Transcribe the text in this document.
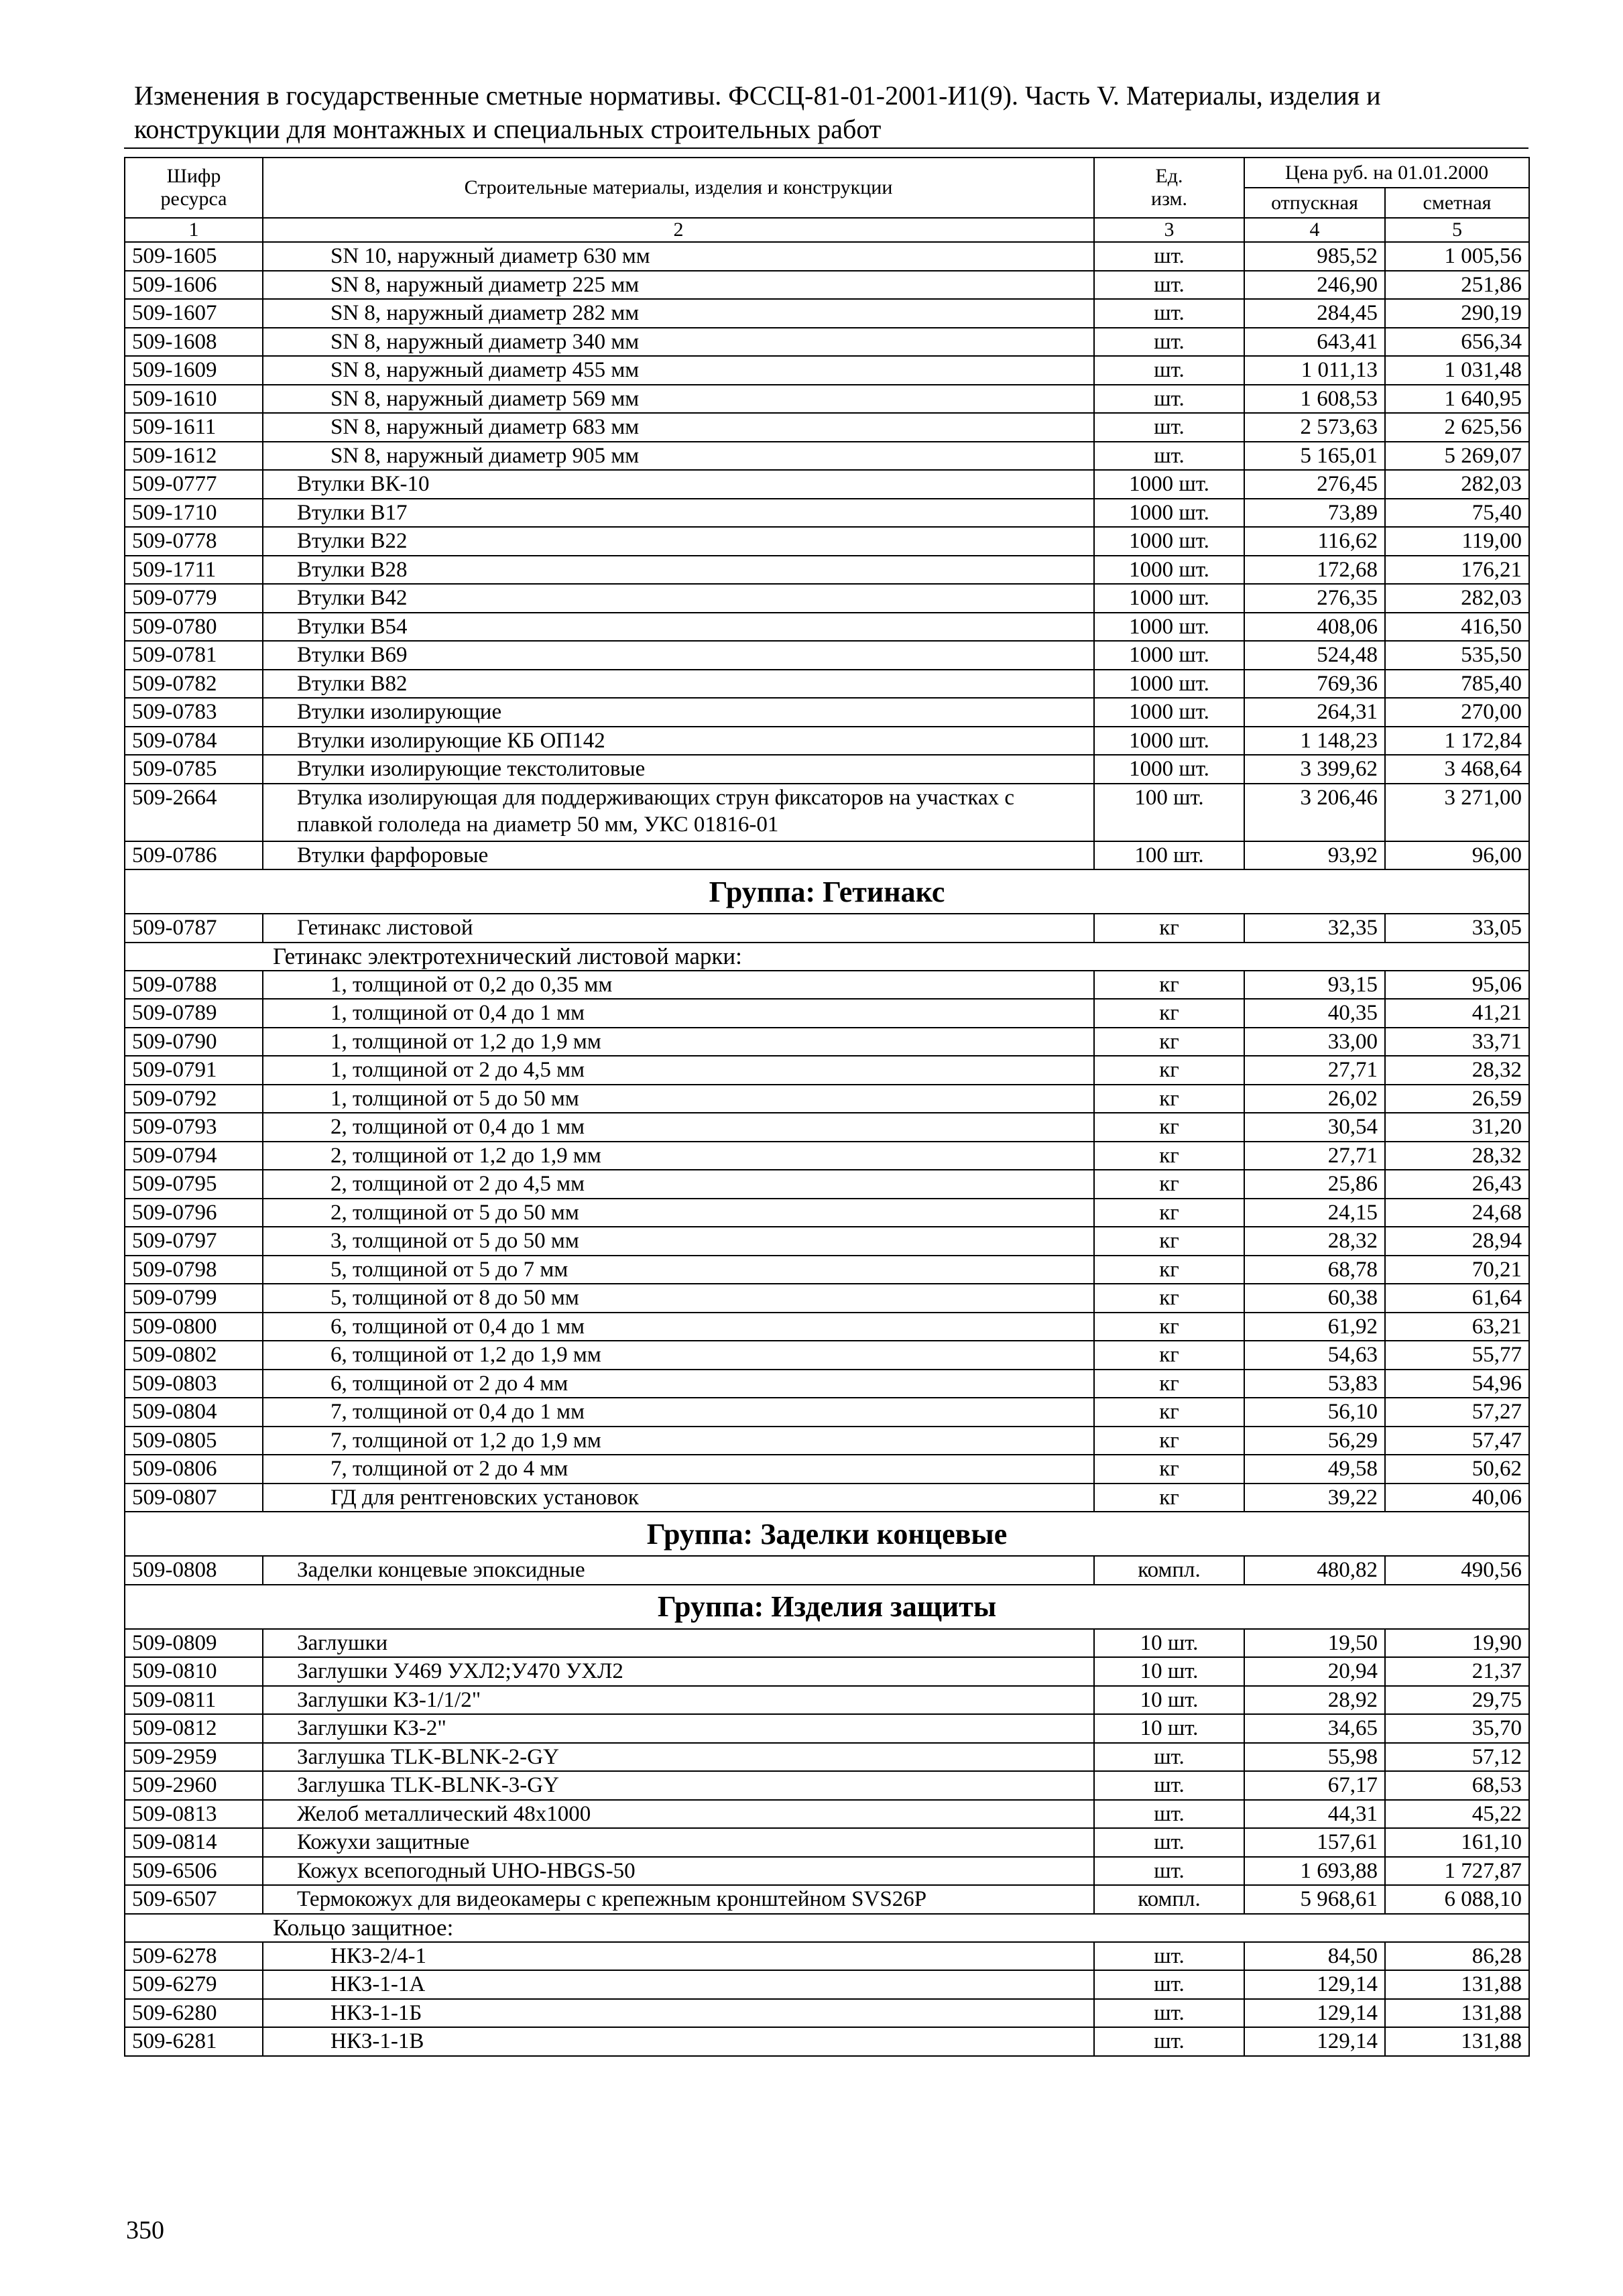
Изменения в государственные сметные нормативы. ФССЦ-81-01-2001-И1(9). Часть V. Материалы, изделия и
конструкции для монтажных и специальных строительных работ
Шифр ресурса	Строительные материалы, изделия и конструкции	Ед. изм.	Цена руб. на 01.01.2000	
			отпускная	сметная
1	2	3	4	5
509-1605	SN 10, наружный диаметр 630 мм	шт.	985,52	1 005,56
509-1606	SN 8, наружный диаметр 225 мм	шт.	246,90	251,86
509-1607	SN 8, наружный диаметр 282 мм	шт.	284,45	290,19
509-1608	SN 8, наружный диаметр 340 мм	шт.	643,41	656,34
509-1609	SN 8, наружный диаметр 455 мм	шт.	1 011,13	1 031,48
509-1610	SN 8, наружный диаметр 569 мм	шт.	1 608,53	1 640,95
509-1611	SN 8, наружный диаметр 683 мм	шт.	2 573,63	2 625,56
509-1612	SN 8, наружный диаметр 905 мм	шт.	5 165,01	5 269,07
509-0777	Втулки ВК-10	1000 шт.	276,45	282,03
509-1710	Втулки В17	1000 шт.	73,89	75,40
509-0778	Втулки В22	1000 шт.	116,62	119,00
509-1711	Втулки В28	1000 шт.	172,68	176,21
509-0779	Втулки В42	1000 шт.	276,35	282,03
509-0780	Втулки В54	1000 шт.	408,06	416,50
509-0781	Втулки В69	1000 шт.	524,48	535,50
509-0782	Втулки В82	1000 шт.	769,36	785,40
509-0783	Втулки изолирующие	1000 шт.	264,31	270,00
509-0784	Втулки изолирующие КБ ОП142	1000 шт.	1 148,23	1 172,84
509-0785	Втулки изолирующие текстолитовые	1000 шт.	3 399,62	3 468,64
509-2664	Втулка изолирующая для поддерживающих струн фиксаторов на участках с плавкой гололеда на диаметр 50 мм, УКС 01816-01	100 шт.	3 206,46	3 271,00
509-0786	Втулки фарфоровые	100 шт.	93,92	96,00
Группа: Гетинакс				
509-0787	Гетинакс листовой	кг	32,35	33,05
Гетинакс электротехнический листовой марки:				
509-0788	1, толщиной от 0,2 до 0,35 мм	кг	93,15	95,06
509-0789	1, толщиной от 0,4 до 1 мм	кг	40,35	41,21
509-0790	1, толщиной от 1,2 до 1,9 мм	кг	33,00	33,71
509-0791	1, толщиной от 2 до 4,5 мм	кг	27,71	28,32
509-0792	1, толщиной от 5 до 50 мм	кг	26,02	26,59
509-0793	2, толщиной от 0,4 до 1 мм	кг	30,54	31,20
509-0794	2, толщиной от 1,2 до 1,9 мм	кг	27,71	28,32
509-0795	2, толщиной от 2 до 4,5 мм	кг	25,86	26,43
509-0796	2, толщиной от 5 до 50 мм	кг	24,15	24,68
509-0797	3, толщиной от 5 до 50 мм	кг	28,32	28,94
509-0798	5, толщиной от 5 до 7 мм	кг	68,78	70,21
509-0799	5, толщиной от 8 до 50 мм	кг	60,38	61,64
509-0800	6, толщиной от 0,4 до 1 мм	кг	61,92	63,21
509-0802	6, толщиной от 1,2 до 1,9 мм	кг	54,63	55,77
509-0803	6, толщиной от 2 до 4 мм	кг	53,83	54,96
509-0804	7, толщиной от 0,4 до 1 мм	кг	56,10	57,27
509-0805	7, толщиной от 1,2 до 1,9 мм	кг	56,29	57,47
509-0806	7, толщиной от 2 до 4 мм	кг	49,58	50,62
509-0807	ГД для рентгеновских установок	кг	39,22	40,06
Группа: Заделки концевые				
509-0808	Заделки концевые эпоксидные	компл.	480,82	490,56
Группа: Изделия защиты				
509-0809	Заглушки	10 шт.	19,50	19,90
509-0810	Заглушки У469 УХЛ2;У470 УХЛ2	10 шт.	20,94	21,37
509-0811	Заглушки КЗ-1/1/2"	10 шт.	28,92	29,75
509-0812	Заглушки КЗ-2"	10 шт.	34,65	35,70
509-2959	Заглушка TLK-BLNK-2-GY	шт.	55,98	57,12
509-2960	Заглушка TLK-BLNK-3-GY	шт.	67,17	68,53
509-0813	Желоб металлический 48х1000	шт.	44,31	45,22
509-0814	Кожухи защитные	шт.	157,61	161,10
509-6506	Кожух всепогодный UHO-HBGS-50	шт.	1 693,88	1 727,87
509-6507	Термокожух для видеокамеры с крепежным кронштейном SVS26P	компл.	5 968,61	6 088,10
Кольцо защитное:				
509-6278	НКЗ-2/4-1	шт.	84,50	86,28
509-6279	НКЗ-1-1А	шт.	129,14	131,88
509-6280	НКЗ-1-1Б	шт.	129,14	131,88
509-6281	НКЗ-1-1В	шт.	129,14	131,88
350
